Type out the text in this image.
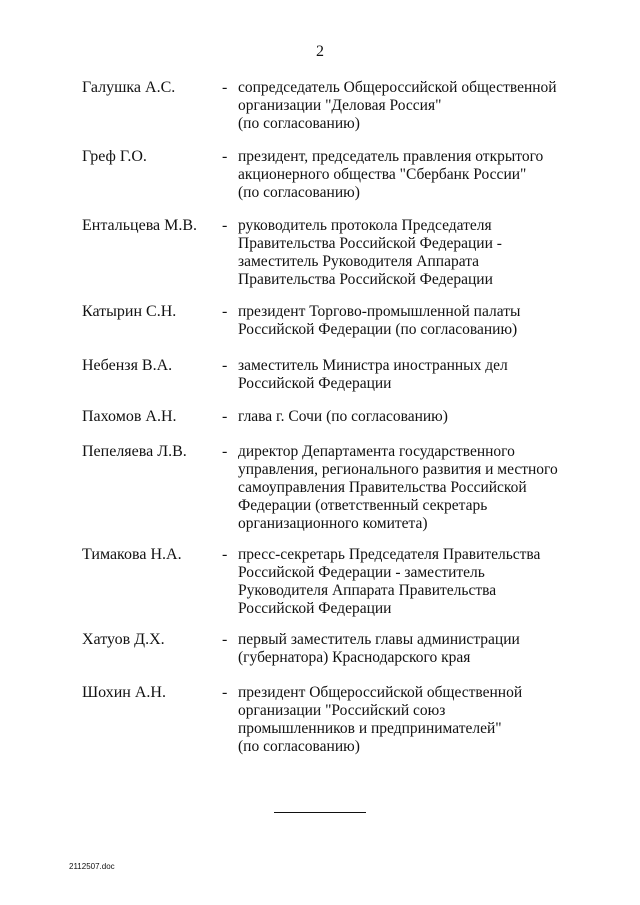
2
Галушка А.С.	- сопредседатель Общероссийской общественной
организации "Деловая Россия"
(по согласованию)
Греф Г.О.	- президент, председатель правления открытого
акционерного общества "Сбербанк России"
(по согласованию)
Ентальцева М.В. - руководитель протокола Председателя
Правительства Российской Федерации -
заместитель Руководителя Аппарата
Правительства Российской Федерации
Катырин С.Н.	- президент Торгово-промышленной палаты
Российской Федерации (по согласованию)
Небензя В.А.	- заместитель Министра иностранных дел
Российской Федерации
Пахомов А.Н.	- глава г. Сочи (по согласованию)
Пепеляева Л.В. - директор Департамента государственного
управления, регионального развития и местного
самоуправления Правительства Российской
Федерации (ответственный секретарь
организационного комитета)
Тимакова Н.А.	- пресс-секретарь Председателя Правительства
Российской Федерации - заместитель
Руководителя Аппарата Правительства
Российской Федерации
Хатуов Д.Х.	- первый заместитель главы администрации
(губернатора) Краснодарского края
Шохин А.Н.	- президент Общероссийской общественной
организации "Российский союз
промышленников и предпринимателей"
(по согласованию)
2112507.doc
